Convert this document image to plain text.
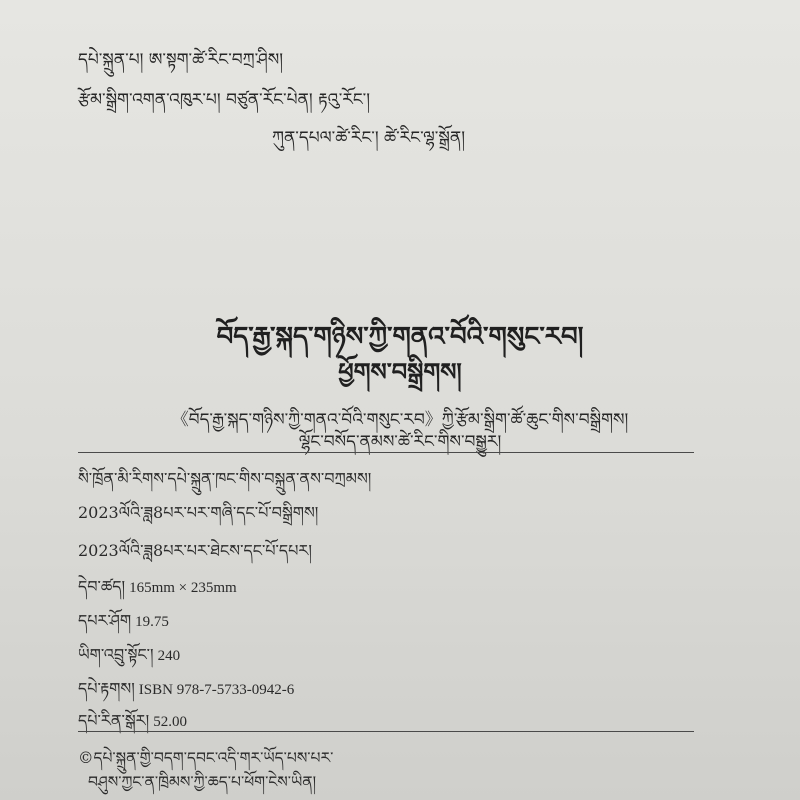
དཔེ་སྐྲུན་པ། ཨ་སྟག་ཚེ་རིང་བཀྲ་ཤིས།
རྩོམ་སྒྲིག་འགན་འཁུར་པ། བཙུན་རོང་པེན། རྟའུ་རོང་།
ཀུན་དཔལ་ཚེ་རིང་། ཚེ་རིང་ལྷ་སྒྲོན།
བོད་རྒྱ་སྐད་གཉིས་ཀྱི་གནའ་བོའི་གསུང་རབ།
ཕྱོགས་བསྒྲིགས།
《བོད་རྒྱ་སྐད་གཉིས་ཀྱི་གནའ་བོའི་གསུང་རབ》ཀྱི་རྩོམ་སྒྲིག་ཚོ་ཆུང་གིས་བསྒྲིགས།
ལྷོང་བསོད་ནམས་ཚེ་རིང་གིས་བསྒྱུར།
སི་ཁྲོན་མི་རིགས་དཔེ་སྐྲུན་ཁང་གིས་བསྐྲུན་ནས་བཀྲམས།
2023ལོའི་ཟླ8པར་པར་གཞི་དང་པོ་བསྒྲིགས།
2023ལོའི་ཟླ8པར་པར་ཐེངས་དང་པོ་དཔར།
དེབ་ཚད། 165mm × 235mm
དཔར་ཤོག 19.75
ཡིག་འབྲུ་སྟོང་། 240
དཔེ་རྟགས། ISBN 978-7-5733-0942-6
དཔེ་རིན་སྒོར། 52.00
©དཔེ་སྐྲུན་གྱི་བདག་དབང་འདི་གར་ཡོད་པས་པར་
བཤུས་ཀྱང་ན་ཁྲིམས་ཀྱི་ཆད་པ་ཕོག་ངེས་ཡིན།
